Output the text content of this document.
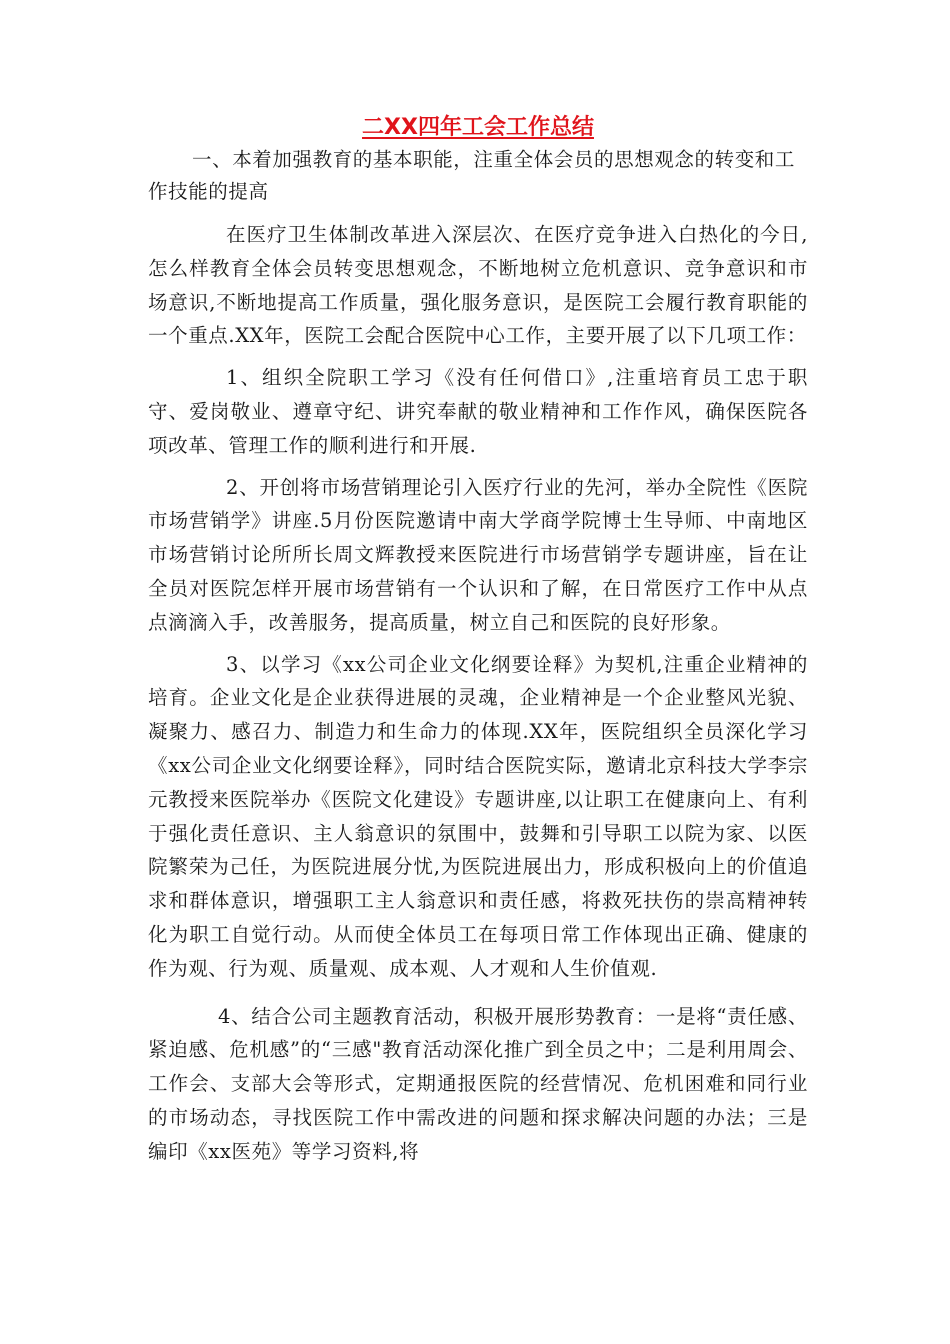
二XX四年工会工作总结

一、本着加强教育的基本职能，注重全体会员的思想观念的转变和工作技能的提高

在医疗卫生体制改革进入深层次、在医疗竞争进入白热化的今日,怎么样教育全体会员转变思想观念，不断地树立危机意识、竞争意识和市场意识,不断地提高工作质量，强化服务意识，是医院工会履行教育职能的一个重点.XX年，医院工会配合医院中心工作，主要开展了以下几项工作：

1、组织全院职工学习《没有任何借口》,注重培育员工忠于职守、爱岗敬业、遵章守纪、讲究奉献的敬业精神和工作作风，确保医院各项改革、管理工作的顺利进行和开展.

2、开创将市场营销理论引入医疗行业的先河，举办全院性《医院市场营销学》讲座.5月份医院邀请中南大学商学院博士生导师、中南地区市场营销讨论所所长周文辉教授来医院进行市场营销学专题讲座，旨在让全员对医院怎样开展市场营销有一个认识和了解，在日常医疗工作中从点点滴滴入手，改善服务，提高质量，树立自己和医院的良好形象。

3、以学习《xx公司企业文化纲要诠释》为契机,注重企业精神的培育。企业文化是企业获得进展的灵魂，企业精神是一个企业整风光貌、凝聚力、感召力、制造力和生命力的体现.XX年，医院组织全员深化学习《xx公司企业文化纲要诠释》，同时结合医院实际，邀请北京科技大学李宗元教授来医院举办《医院文化建设》专题讲座,以让职工在健康向上、有利于强化责任意识、主人翁意识的氛围中，鼓舞和引导职工以院为家、以医院繁荣为己任，为医院进展分忧,为医院进展出力，形成积极向上的价值追求和群体意识，增强职工主人翁意识和责任感，将救死扶伤的崇高精神转化为职工自觉行动。从而使全体员工在每项日常工作体现出正确、健康的作为观、行为观、质量观、成本观、人才观和人生价值观.

4、结合公司主题教育活动，积极开展形势教育：一是将“责任感、紧迫感、危机感”的“三感"教育活动深化推广到全员之中；二是利用周会、工作会、支部大会等形式，定期通报医院的经营情况、危机困难和同行业的市场动态，寻找医院工作中需改进的问题和探求解决问题的办法；三是编印《xx医苑》等学习资料,将
